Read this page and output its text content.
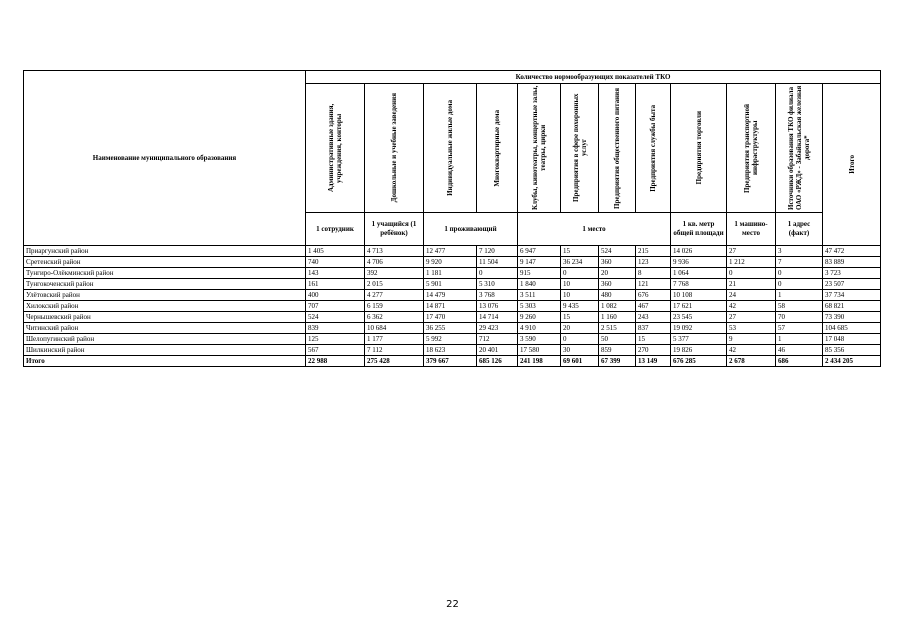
Наименование муниципального образования	Количество нормообразующих показателей ТКО											

	Административные здания, учреждения, конторы	Дошкольные и учебные заведения	Индивидуальные жилые дома	Многоквартирные дома	Клубы, кинотеатры, концертные залы, театры, цирки	Предприятия в сфере похоронных услуг	Предприятия общественного питания	Предприятия службы быта	Предприятия торговли	Предприятия транспортной инфраструктуры	Источники образования ТКО филиала ОАО «РЖД» - Забайкальская железная дорога*	Итого

	1 сотрудник	1 учащийся (1 ребёнок)	1 проживающий		1 место				1 кв. метр общей площади	1 машино-место	1 адрес (факт)	
Приаргунский район	1 405	4 713	12 477	7 120	6 947	15	524	215	14 026	27	3	47 472
Сретенский район	740	4 706	9 920	11 504	9 147	36 234	360	123	9 936	1 212	7	83 889
Тунгиро-Олёкминский район	143	392	1 181	0	915	0	20	8	1 064	0	0	3 723
Тунгокоченский район	161	2 015	5 901	5 310	1 840	10	360	121	7 768	21	0	23 507
Улётовский район	400	4 277	14 479	3 768	3 511	10	480	676	10 108	24	1	37 734
Хилокский район	707	6 159	14 871	13 076	5 303	9 435	1 082	467	17 621	42	58	68 821
Чернышевский район	524	6 362	17 470	14 714	9 260	15	1 160	243	23 545	27	70	73 390
Читинский район	839	10 684	36 255	29 423	4 910	20	2 515	837	19 092	53	57	104 685
Шелопугинский район	125	1 177	5 992	712	3 590	0	50	15	5 377	9	1	17 048
Шилкинский район	567	7 112	18 623	20 401	17 580	30	859	270	19 826	42	46	85 356
Итого	22 988	275 428	379 667	685 126	241 198	69 601	67 399	13 149	676 285	2 678	686	2 434 205
22
